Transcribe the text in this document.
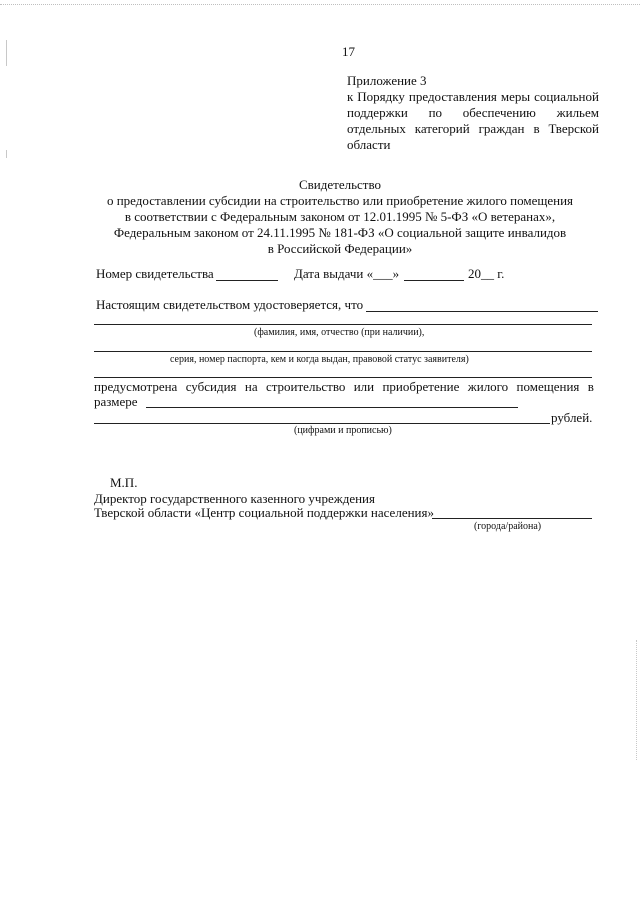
17
Приложение 3
к Порядку предоставления меры социальной
поддержки по обеспечению жильем
отдельных категорий граждан в Тверской
области
Свидетельство
о предоставлении субсидии на строительство или приобретение жилого помещения
в соответствии с Федеральным законом от 12.01.1995 № 5-ФЗ «О ветеранах»,
Федеральным законом от 24.11.1995 № 181-ФЗ «О социальной защите инвалидов
в Российской Федерации»
Номер свидетельства	Дата выдачи «___»	20__ г.
Настоящим свидетельством удостоверяется, что
(фамилия, имя, отчество (при наличии),
серия, номер паспорта, кем и когда выдан, правовой статус заявителя)
предусмотрена субсидия на строительство или приобретение жилого помещения в
размере
рублей.
(цифрами и прописью)
М.П.
Директор государственного казенного учреждения
Тверской области «Центр социальной поддержки населения»
(города/района)
